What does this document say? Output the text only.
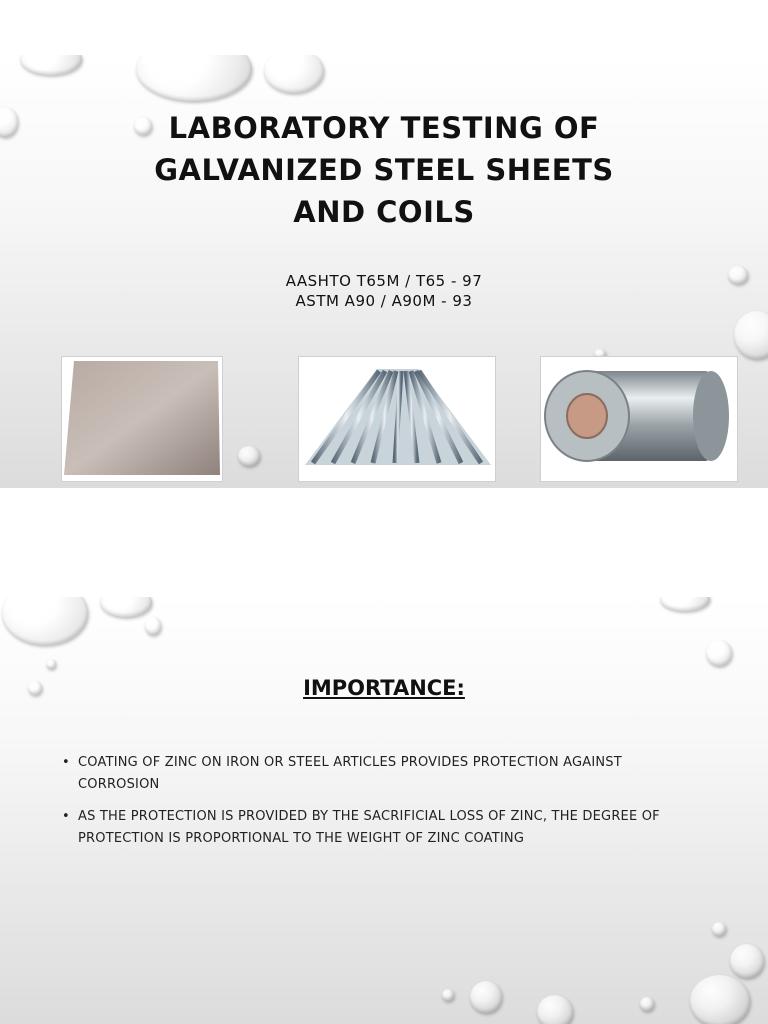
LABORATORY TESTING OF
GALVANIZED STEEL SHEETS
AND COILS
AASHTO T65M / T65 - 97
ASTM A90 / A90M - 93
IMPORTANCE:
• COATING OF ZINC ON IRON OR STEEL ARTICLES PROVIDES PROTECTION AGAINST CORROSION
• AS THE PROTECTION IS PROVIDED BY THE SACRIFICIAL LOSS OF ZINC, THE DEGREE OF PROTECTION IS PROPORTIONAL TO THE WEIGHT OF ZINC COATING
